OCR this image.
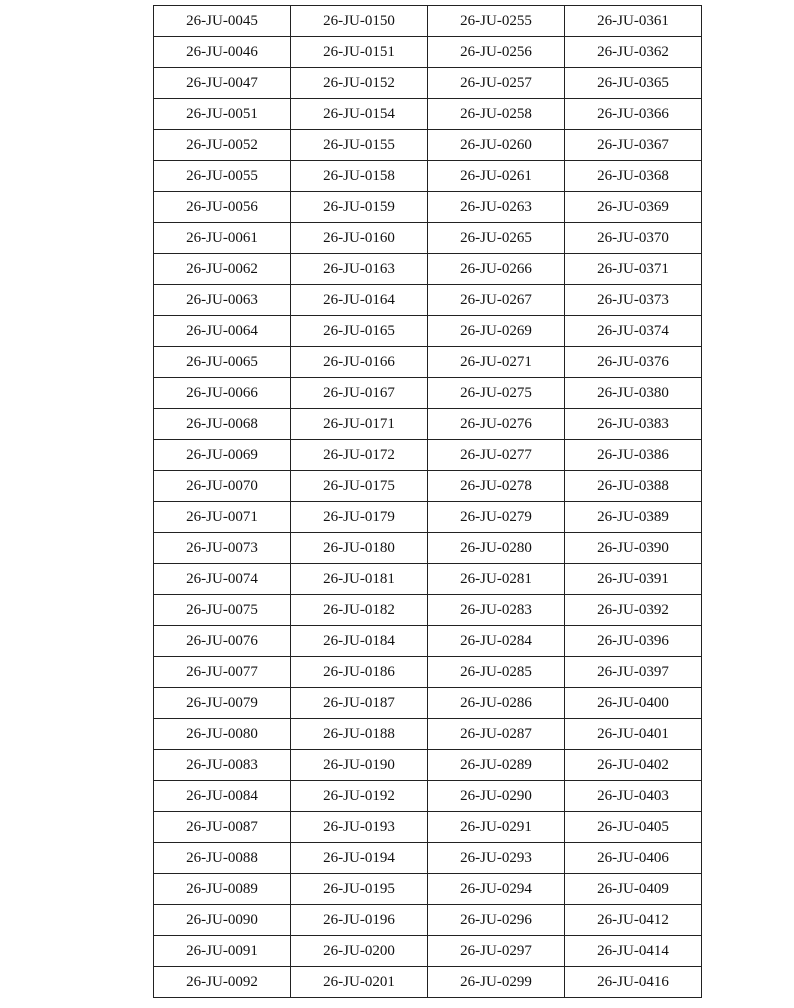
26-JU-0045	26-JU-0150	26-JU-0255	26-JU-0361
26-JU-0046	26-JU-0151	26-JU-0256	26-JU-0362
26-JU-0047	26-JU-0152	26-JU-0257	26-JU-0365
26-JU-0051	26-JU-0154	26-JU-0258	26-JU-0366
26-JU-0052	26-JU-0155	26-JU-0260	26-JU-0367
26-JU-0055	26-JU-0158	26-JU-0261	26-JU-0368
26-JU-0056	26-JU-0159	26-JU-0263	26-JU-0369
26-JU-0061	26-JU-0160	26-JU-0265	26-JU-0370
26-JU-0062	26-JU-0163	26-JU-0266	26-JU-0371
26-JU-0063	26-JU-0164	26-JU-0267	26-JU-0373
26-JU-0064	26-JU-0165	26-JU-0269	26-JU-0374
26-JU-0065	26-JU-0166	26-JU-0271	26-JU-0376
26-JU-0066	26-JU-0167	26-JU-0275	26-JU-0380
26-JU-0068	26-JU-0171	26-JU-0276	26-JU-0383
26-JU-0069	26-JU-0172	26-JU-0277	26-JU-0386
26-JU-0070	26-JU-0175	26-JU-0278	26-JU-0388
26-JU-0071	26-JU-0179	26-JU-0279	26-JU-0389
26-JU-0073	26-JU-0180	26-JU-0280	26-JU-0390
26-JU-0074	26-JU-0181	26-JU-0281	26-JU-0391
26-JU-0075	26-JU-0182	26-JU-0283	26-JU-0392
26-JU-0076	26-JU-0184	26-JU-0284	26-JU-0396
26-JU-0077	26-JU-0186	26-JU-0285	26-JU-0397
26-JU-0079	26-JU-0187	26-JU-0286	26-JU-0400
26-JU-0080	26-JU-0188	26-JU-0287	26-JU-0401
26-JU-0083	26-JU-0190	26-JU-0289	26-JU-0402
26-JU-0084	26-JU-0192	26-JU-0290	26-JU-0403
26-JU-0087	26-JU-0193	26-JU-0291	26-JU-0405
26-JU-0088	26-JU-0194	26-JU-0293	26-JU-0406
26-JU-0089	26-JU-0195	26-JU-0294	26-JU-0409
26-JU-0090	26-JU-0196	26-JU-0296	26-JU-0412
26-JU-0091	26-JU-0200	26-JU-0297	26-JU-0414
26-JU-0092	26-JU-0201	26-JU-0299	26-JU-0416
